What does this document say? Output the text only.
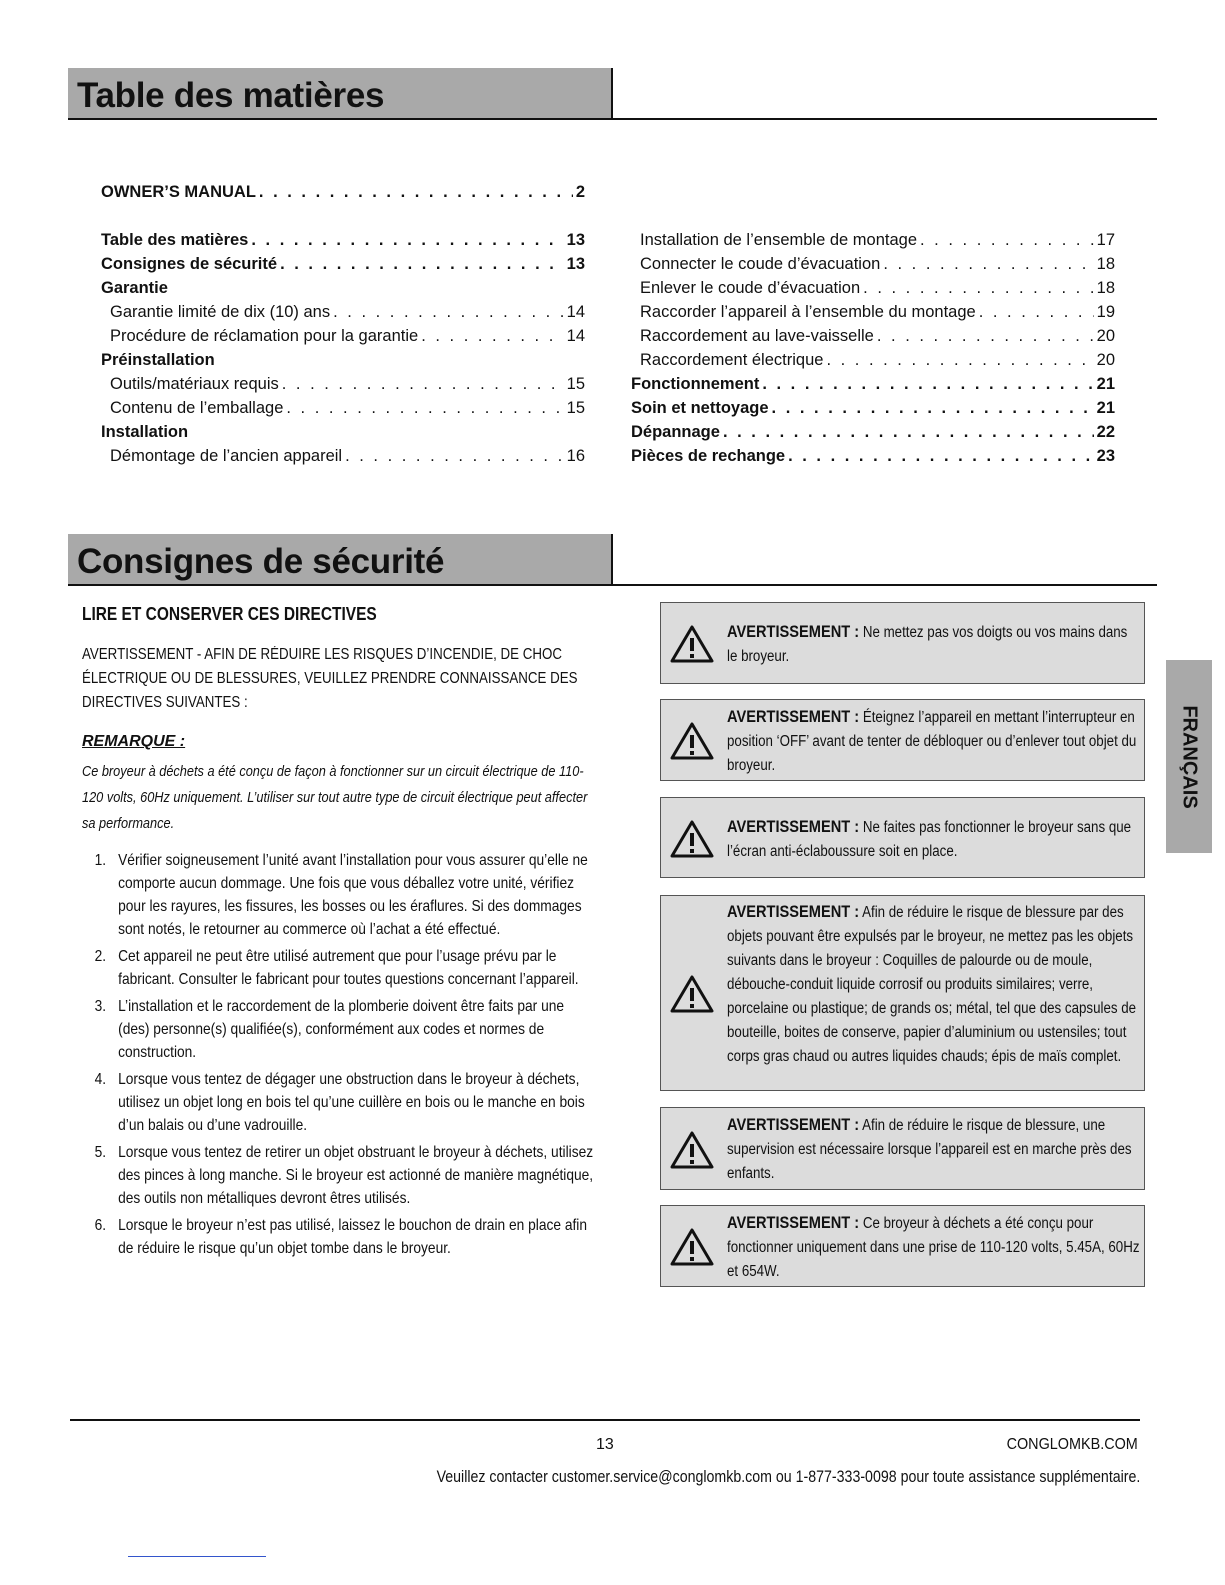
Table des matières
OWNER’S MANUAL . . .	2
Table des matières . . .	13
Consignes de sécurité . . .	13
Garantie
Garantie limité de dix (10) ans . . .	14
Procédure de réclamation pour la garantie . . .	14
Préinstallation
Outils/matériaux requis . . .	15
Contenu de l’emballage . . .	15
Installation
Démontage de l’ancien appareil . . .	16
Installation de l’ensemble de montage . . .	17
Connecter le coude d’évacuation . . .	18
Enlever le coude d’évacuation . . .	18
Raccorder l’appareil à l’ensemble du montage . . .	19
Raccordement au lave-vaisselle . . .	20
Raccordement électrique . . .	20
Fonctionnement . . .	21
Soin et nettoyage . . .	21
Dépannage . . .	22
Pièces de rechange . . .	23
Consignes de sécurité
LIRE ET CONSERVER CES DIRECTIVES

AVERTISSEMENT - AFIN DE RÉDUIRE LES RISQUES D’INCENDIE, DE CHOC ÉLECTRIQUE OU DE BLESSURES, VEUILLEZ PRENDRE CONNAISSANCE DES DIRECTIVES SUIVANTES :

REMARQUE :

Ce broyeur à déchets a été conçu de façon à fonctionner sur un circuit électrique de 110-120 volts, 60Hz uniquement. L’utiliser sur tout autre type de circuit électrique peut affecter sa performance.

1. Vérifier soigneusement l’unité avant l’installation pour vous assurer qu’elle ne comporte aucun dommage. Une fois que vous déballez votre unité, vérifiez pour les rayures, les fissures, les bosses ou les éraflures. Si des dommages sont notés, le retourner au commerce où l’achat a été effectué.
2. Cet appareil ne peut être utilisé autrement que pour l’usage prévu par le fabricant. Consulter le fabricant pour toutes questions concernant l’appareil.
3. L’installation et le raccordement de la plomberie doivent être faits par une (des) personne(s) qualifiée(s), conformément aux codes et normes de construction.
4. Lorsque vous tentez de dégager une obstruction dans le broyeur à déchets, utilisez un objet long en bois tel qu’une cuillère en bois ou le manche en bois d’un balais ou d’une vadrouille.
5. Lorsque vous tentez de retirer un objet obstruant le broyeur à déchets, utilisez des pinces à long manche. Si le broyeur est actionné de manière magnétique, des outils non métalliques devront êtres utilisés.
6. Lorsque le broyeur n’est pas utilisé, laissez le bouchon de drain en place afin de réduire le risque qu’un objet tombe dans le broyeur.
AVERTISSEMENT : Ne mettez pas vos doigts ou vos mains dans le broyeur.
AVERTISSEMENT : Éteignez l’appareil en mettant l’interrupteur en position ‘OFF’ avant de tenter de débloquer ou d’enlever tout objet du broyeur.
AVERTISSEMENT : Ne faites pas fonctionner le broyeur sans que l’écran anti-éclaboussure soit en place.
AVERTISSEMENT : Afin de réduire le risque de blessure par des objets pouvant être expulsés par le broyeur, ne mettez pas les objets suivants dans le broyeur : Coquilles de palourde ou de moule, débouche-conduit liquide corrosif ou produits similaires; verre, porcelaine ou plastique; de grands os; métal, tel que des capsules de bouteille, boites de conserve, papier d’aluminium ou ustensiles; tout corps gras chaud ou autres liquides chauds; épis de maïs complet.
AVERTISSEMENT : Afin de réduire le risque de blessure, une supervision est nécessaire lorsque l’appareil est en marche près des enfants.
AVERTISSEMENT : Ce broyeur à déchets a été conçu pour fonctionner uniquement dans une prise de 110-120 volts, 5.45A, 60Hz et 654W.
FRANÇAIS
13	CONGLOMKB.COM
Veuillez contacter customer.service@conglomkb.com ou 1-877-333-0098 pour toute assistance supplémentaire.
